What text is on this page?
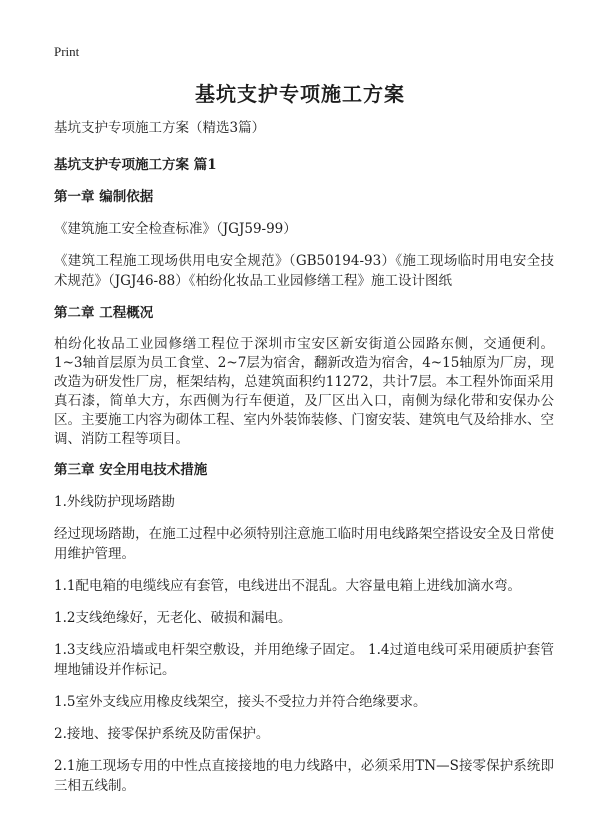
Print
基坑支护专项施工方案
基坑支护专项施工方案（精选3篇）
基坑支护专项施工方案 篇1
第一章 编制依据

《建筑施工安全检查标准》（JGJ59-99）

《建筑工程施工现场供用电安全规范》（GB50194-93）《施工现场临时用电安全技术规范》（JGJ46-88）《柏纷化妆品工业园修缮工程》施工设计图纸

第二章 工程概况

柏纷化妆品工业园修缮工程位于深圳市宝安区新安街道公园路东侧，交通便利。1~3轴首层原为员工食堂、2~7层为宿舍，翻新改造为宿舍，4~15轴原为厂房，现改造为研发性厂房，框架结构，总建筑面积约11272，共计7层。本工程外饰面采用真石漆，简单大方，东西侧为行车便道，及厂区出入口，南侧为绿化带和安保办公区。主要施工内容为砌体工程、室内外装饰装修、门窗安装、建筑电气及给排水、空调、消防工程等项目。

第三章 安全用电技术措施

1.外线防护现场踏勘

经过现场踏勘，在施工过程中必须特别注意施工临时用电线路架空搭设安全及日常使用维护管理。

1.1配电箱的电缆线应有套管，电线进出不混乱。大容量电箱上进线加滴水弯。

1.2支线绝缘好，无老化、破损和漏电。

1.3支线应沿墙或电杆架空敷设，并用绝缘子固定。 1.4过道电线可采用硬质护套管埋地铺设并作标记。

1.5室外支线应用橡皮线架空，接头不受拉力并符合绝缘要求。

2.接地、接零保护系统及防雷保护。

2.1施工现场专用的中性点直接接地的电力线路中，必须采用TN—S接零保护系统即三相五线制。
